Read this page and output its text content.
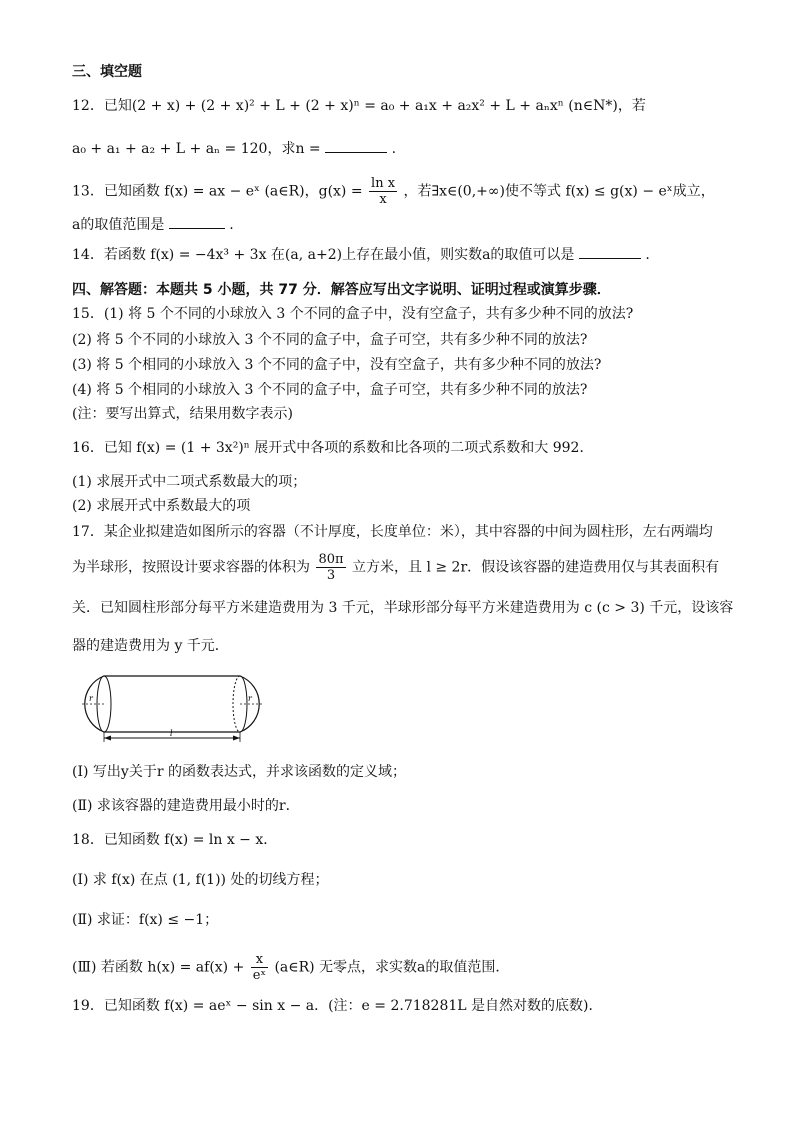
三、填空题
12．已知(2 + x) + (2 + x)² + L + (2 + x)ⁿ = a₀ + a₁x + a₂x² + L + aₙxⁿ (n∈N*)，若
a₀ + a₁ + a₂ + L + aₙ = 120，求n =	.
13．已知函数 f(x) = ax − eˣ (a∈R)，$g(x) = \frac{\text{ln x}}{x}$ ，若∃x∈(0,+∞)使不等式 f(x) ≤ g(x) − eˣ成立，
a的取值范围是	.
14．若函数 f(x) = −4x³ + 3x 在(a, a+2)上存在最小值，则实数a的取值可以是	.
四、解答题：本题共 5 小题，共 77 分．解答应写出文字说明、证明过程或演算步骤．
15．(1) 将 5 个不同的小球放入 3 个不同的盒子中，没有空盒子，共有多少种不同的放法?
(2) 将 5 个不同的小球放入 3 个不同的盒子中，盒子可空，共有多少种不同的放法?
(3) 将 5 个相同的小球放入 3 个不同的盒子中，没有空盒子，共有多少种不同的放法?
(4) 将 5 个相同的小球放入 3 个不同的盒子中，盒子可空，共有多少种不同的放法?
(注：要写出算式，结果用数字表示)
16．已知 f(x) = (1 + 3x²)ⁿ 展开式中各项的系数和比各项的二项式系数和大 992．
(1) 求展开式中二项式系数最大的项；
(2) 求展开式中系数最大的项
17．某企业拟建造如图所示的容器（不计厚度，长度单位：米），其中容器的中间为圆柱形，左右两端均
为半球形，按照设计要求容器的体积为 $\frac{80\pi}{3}$ 立方米，且 l ≥ 2r．假设该容器的建造费用仅与其表面积有
关．已知圆柱形部分每平方米建造费用为 3 千元，半球形部分每平方米建造费用为 c (c > 3) 千元，设该容
器的建造费用为 y 千元．
r	r
l
(Ⅰ) 写出y关于r 的函数表达式，并求该函数的定义域；
(Ⅱ) 求该容器的建造费用最小时的r．
18．已知函数 f(x) = ln x − x．
(Ⅰ) 求 f(x) 在点 (1, f(1)) 处的切线方程；
(Ⅱ) 求证：f(x) ≤ −1；
(Ⅲ) 若函数 $h(x) = af(x) + \frac{x}{\text{eˣ}}$ (a∈R) 无零点，求实数a的取值范围．
19．已知函数 f(x) = aeˣ − sin x − a．(注：e = 2.718281L 是自然对数的底数)．
